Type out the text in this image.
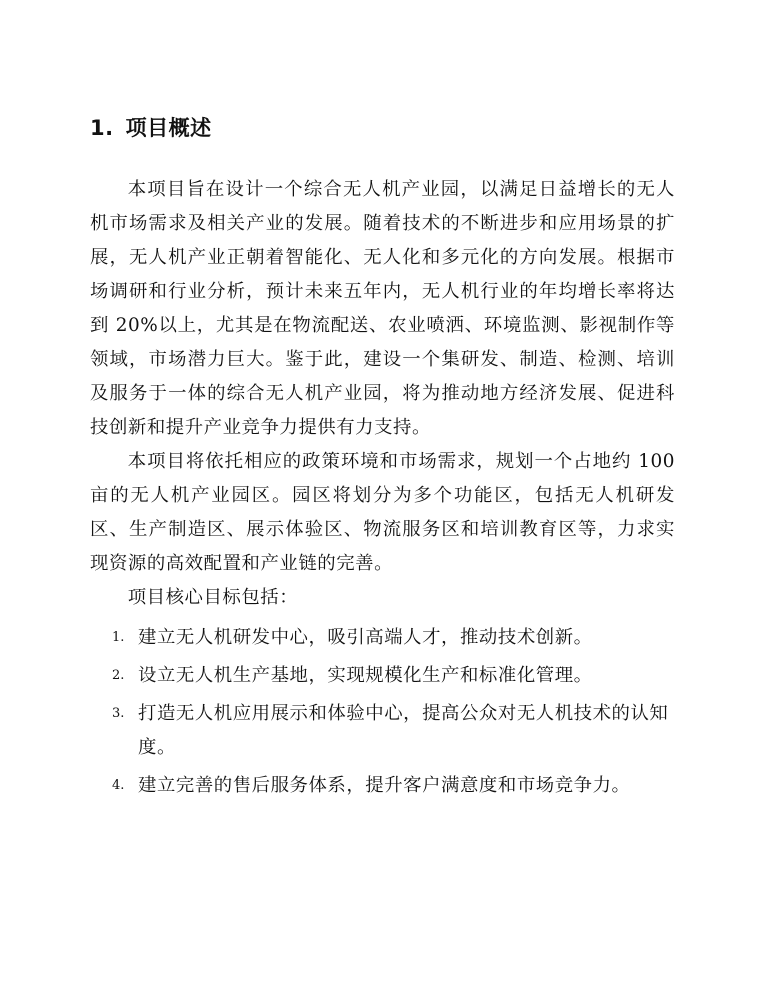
1. 项目概述

本项目旨在设计一个综合无人机产业园，以满足日益增长的无人机市场需求及相关产业的发展。随着技术的不断进步和应用场景的扩展，无人机产业正朝着智能化、无人化和多元化的方向发展。根据市场调研和行业分析，预计未来五年内，无人机行业的年均增长率将达到 20%以上，尤其是在物流配送、农业喷洒、环境监测、影视制作等领域，市场潜力巨大。鉴于此，建设一个集研发、制造、检测、培训及服务于一体的综合无人机产业园，将为推动地方经济发展、促进科技创新和提升产业竞争力提供有力支持。

本项目将依托相应的政策环境和市场需求，规划一个占地约 100 亩的无人机产业园区。园区将划分为多个功能区，包括无人机研发区、生产制造区、展示体验区、物流服务区和培训教育区等，力求实现资源的高效配置和产业链的完善。

项目核心目标包括：

1. 建立无人机研发中心，吸引高端人才，推动技术创新。
2. 设立无人机生产基地，实现规模化生产和标准化管理。
3. 打造无人机应用展示和体验中心，提高公众对无人机技术的认知度。
4. 建立完善的售后服务体系，提升客户满意度和市场竞争力。
